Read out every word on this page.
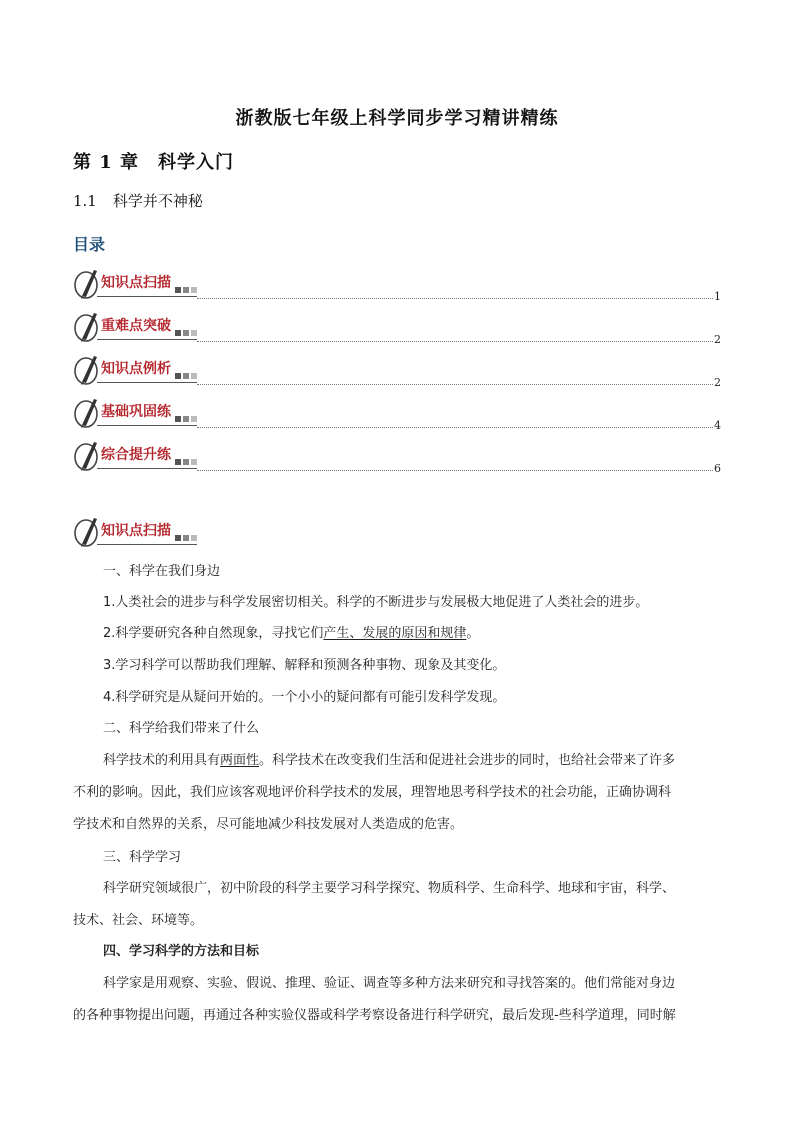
浙教版七年级上科学同步学习精讲精练
第 1 章　科学入门
1.1 科学并不神秘
目录
知识点扫描
1
重难点突破
2
知识点例析
2
基础巩固练
4
综合提升练
6
知识点扫描
一、科学在我们身边
1.人类社会的进步与科学发展密切相关。科学的不断进步与发展极大地促进了人类社会的进步。
2.科学要研究各种自然现象，寻找它们产生、发展的原因和规律。
3.学习科学可以帮助我们理解、解释和预测各种事物、现象及其变化。
4.科学研究是从疑问开始的。一个小小的疑问都有可能引发科学发现。
二、科学给我们带来了什么
科学技术的利用具有两面性。科学技术在改变我们生活和促进社会进步的同时，也给社会带来了许多
不利的影响。因此，我们应该客观地评价科学技术的发展，理智地思考科学技术的社会功能，正确协调科
学技术和自然界的关系，尽可能地减少科技发展对人类造成的危害。
三、科学学习
科学研究领域很广，初中阶段的科学主要学习科学探究、物质科学、生命科学、地球和宇宙，科学、
技术、社会、环境等。
四、学习科学的方法和目标
科学家是用观察、实验、假说、推理、验证、调查等多种方法来研究和寻找答案的。他们常能对身边
的各种事物提出问题，再通过各种实验仪器或科学考察设备进行科学研究，最后发现-些科学道理，同时解
